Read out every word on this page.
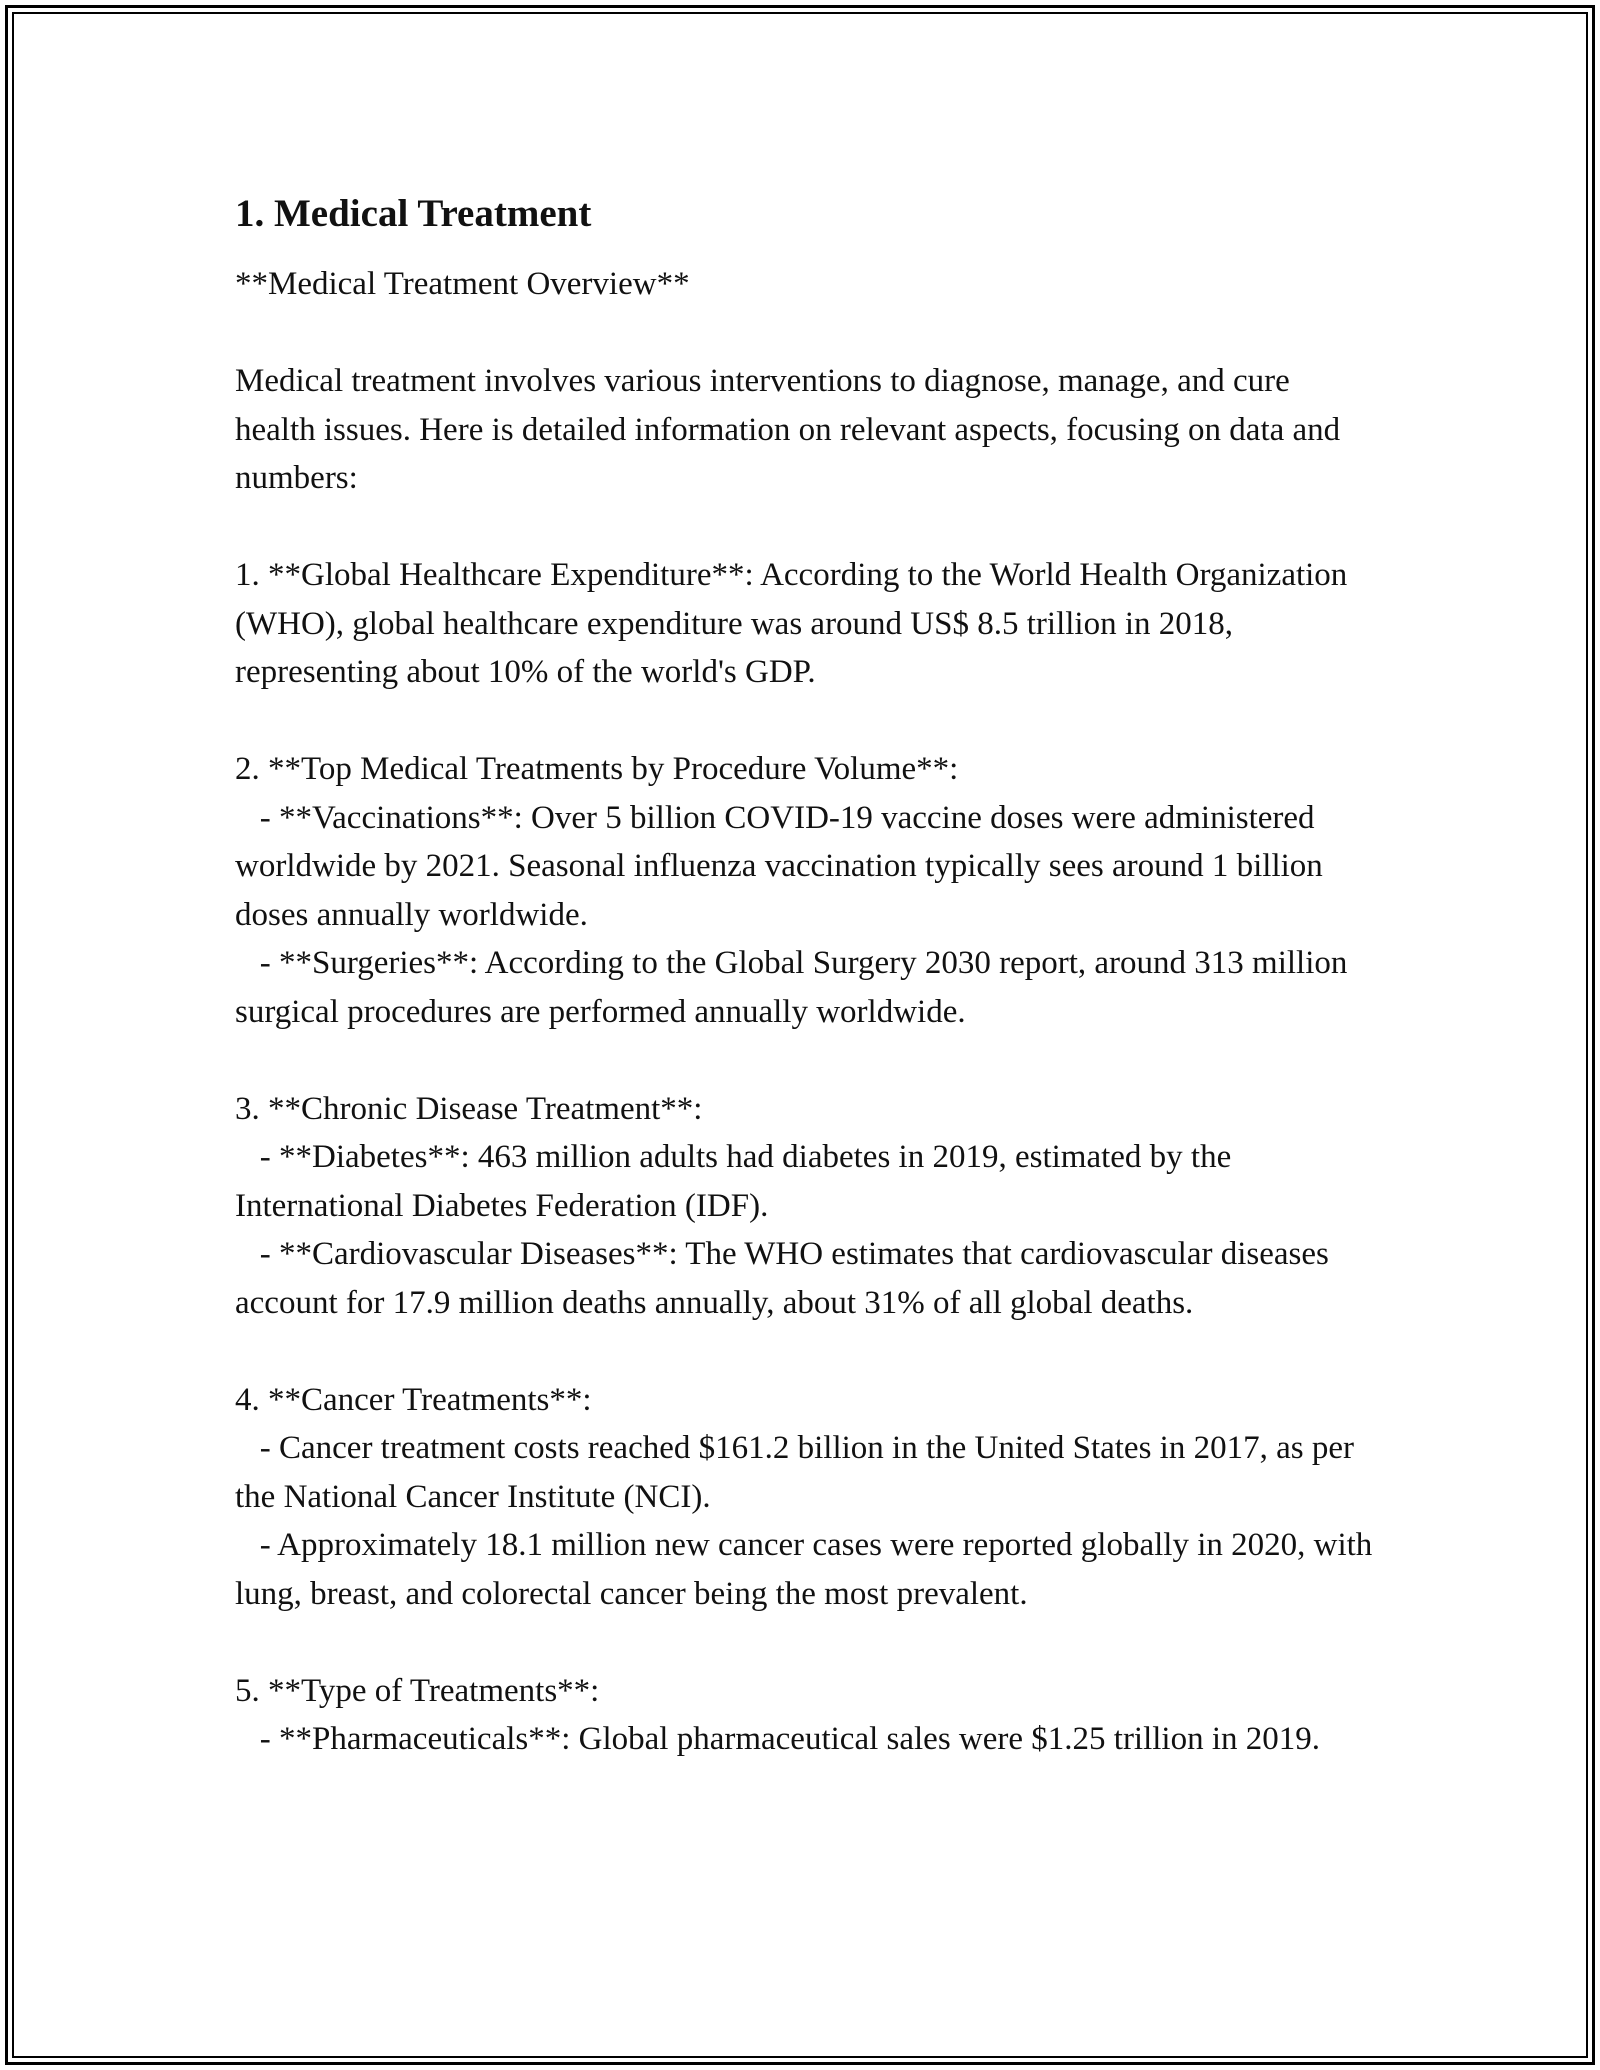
1. Medical Treatment

**Medical Treatment Overview**

Medical treatment involves various interventions to diagnose, manage, and cure health issues. Here is detailed information on relevant aspects, focusing on data and numbers:

1. **Global Healthcare Expenditure**: According to the World Health Organization (WHO), global healthcare expenditure was around US$ 8.5 trillion in 2018, representing about 10% of the world's GDP.

2. **Top Medical Treatments by Procedure Volume**:

- **Vaccinations**: Over 5 billion COVID-19 vaccine doses were administered worldwide by 2021. Seasonal influenza vaccination typically sees around 1 billion doses annually worldwide.

- **Surgeries**: According to the Global Surgery 2030 report, around 313 million surgical procedures are performed annually worldwide.

3. **Chronic Disease Treatment**:

- **Diabetes**: 463 million adults had diabetes in 2019, estimated by the International Diabetes Federation (IDF).

- **Cardiovascular Diseases**: The WHO estimates that cardiovascular diseases account for 17.9 million deaths annually, about 31% of all global deaths.

4. **Cancer Treatments**:

- Cancer treatment costs reached $161.2 billion in the United States in 2017, as per the National Cancer Institute (NCI).

- Approximately 18.1 million new cancer cases were reported globally in 2020, with lung, breast, and colorectal cancer being the most prevalent.

5. **Type of Treatments**:

- **Pharmaceuticals**: Global pharmaceutical sales were $1.25 trillion in 2019.
